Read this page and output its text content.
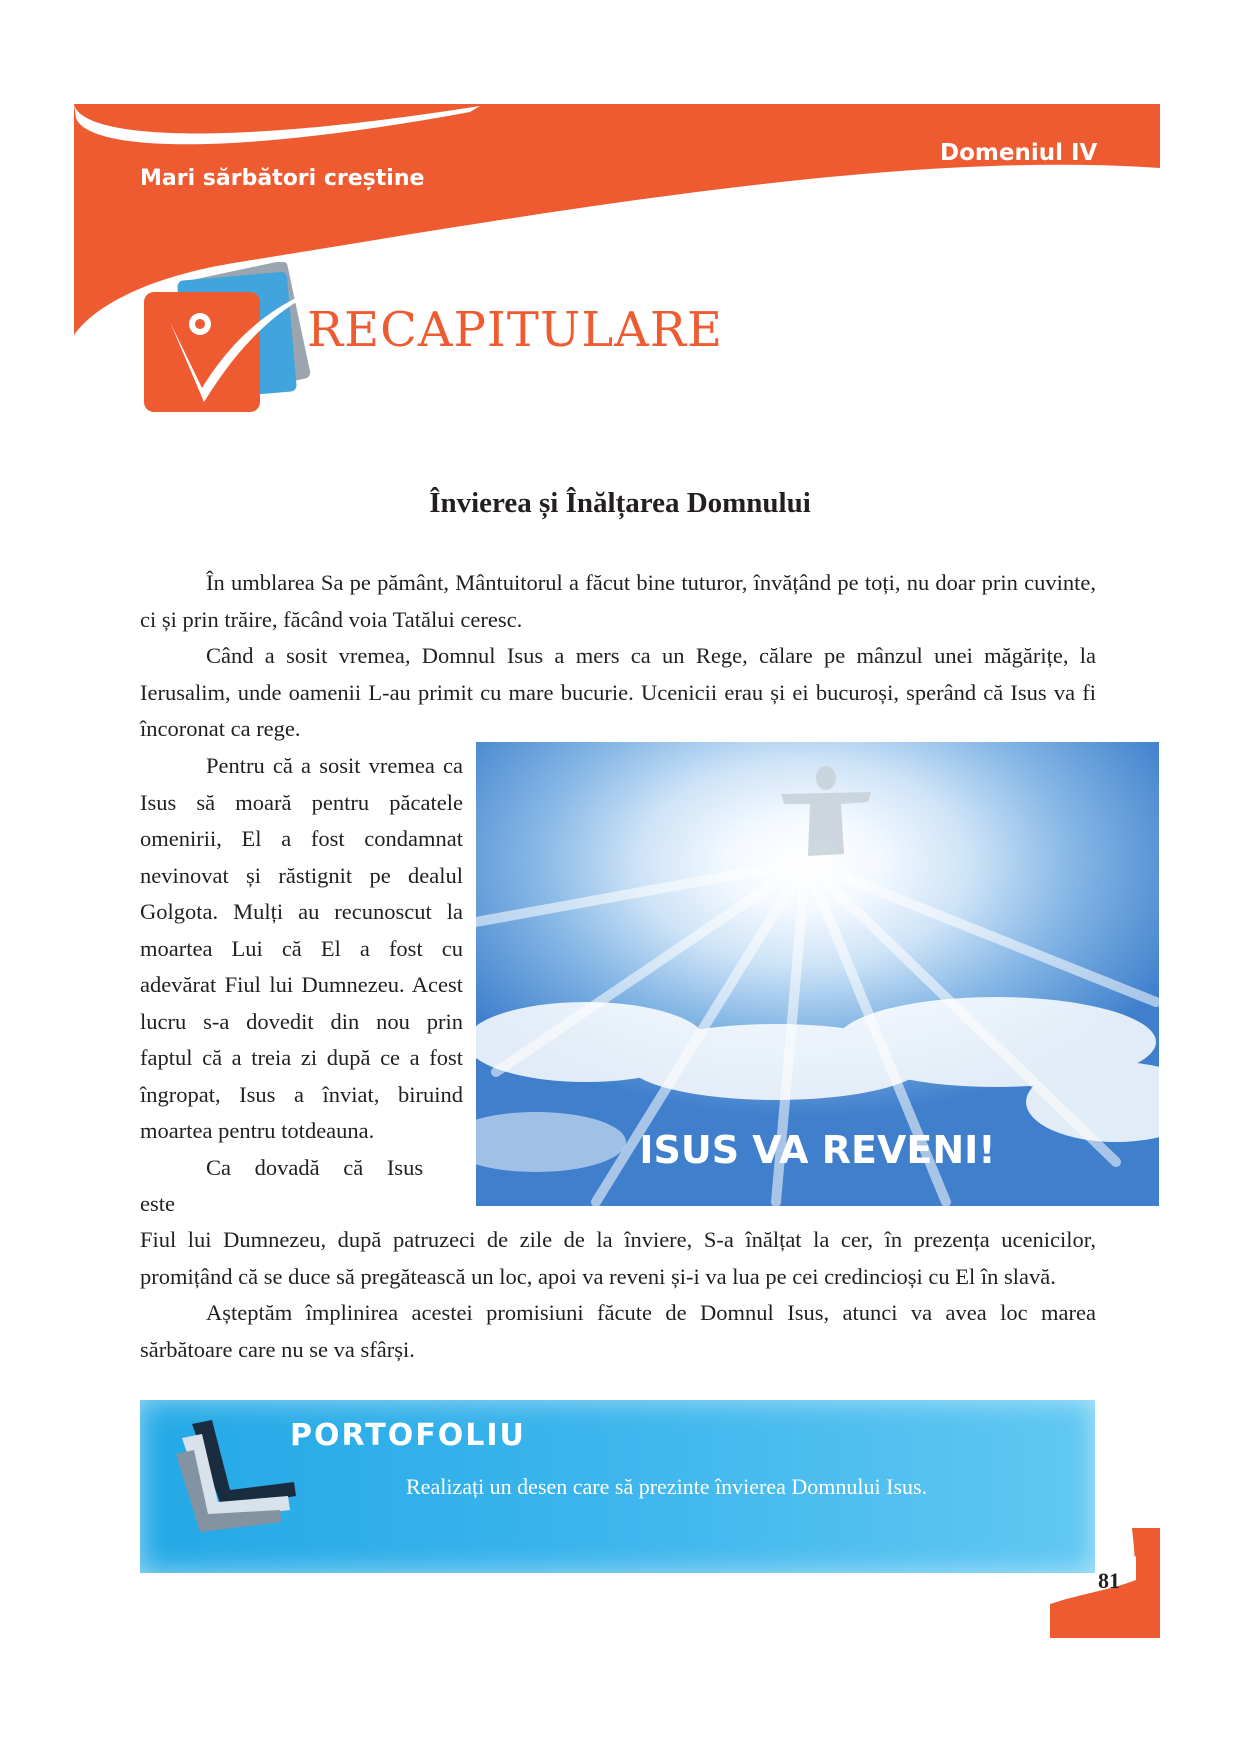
Mari sărbători creștine
Domeniul IV
RECAPITULARE
Învierea și Înălțarea Domnului

În umblarea Sa pe pământ, Mântuitorul a făcut bine tuturor, învățând pe toți, nu doar prin cuvinte, ci și prin trăire, făcând voia Tatălui ceresc.

Când a sosit vremea, Domnul Isus a mers ca un Rege, călare pe mânzul unei măgărițe, la Ierusalim, unde oamenii L-au primit cu mare bucurie. Ucenicii erau și ei bucuroși, sperând că Isus va fi încoronat ca rege.

Pentru că a sosit vremea ca Isus să moară pentru păcatele omenirii, El a fost condamnat nevinovat și răstignit pe dealul Golgota. Mulți au recunoscut la moartea Lui că El a fost cu adevărat Fiul lui Dumnezeu. Acest lucru s-a dovedit din nou prin faptul că a treia zi după ce a fost îngropat, Isus a înviat, biruind moartea pentru totdeauna.

Ca dovadă că Isus este

ISUS VA REVENI!

Fiul lui Dumnezeu, după patruzeci de zile de la înviere, S-a înălțat la cer, în prezența ucenicilor, promițând că se duce să pregătească un loc, apoi va reveni și-i va lua pe cei credincioși cu El în slavă.

Așteptăm împlinirea acestei promisiuni făcute de Domnul Isus, atunci va avea loc marea sărbătoare care nu se va sfârși.

PORTOFOLIU
Realizați un desen care să prezinte învierea Domnului Isus.
81
